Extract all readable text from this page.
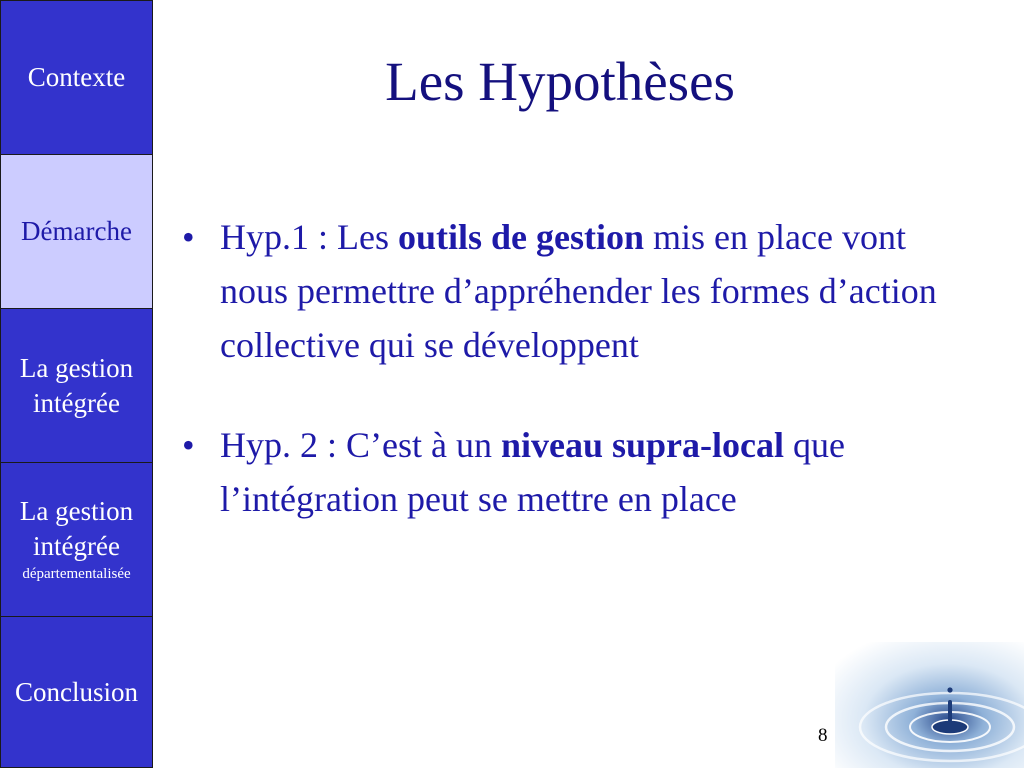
Contexte
Démarche
La gestion
intégrée
La gestion
intégrée
départementalisée
Conclusion
Les Hypothèses
• Hyp.1 : Les outils de gestion mis en place vont nous permettre d’appréhender les formes d’action collective qui se développent
• Hyp. 2 : C’est à un niveau supra-local que l’intégration peut se mettre en place
8
